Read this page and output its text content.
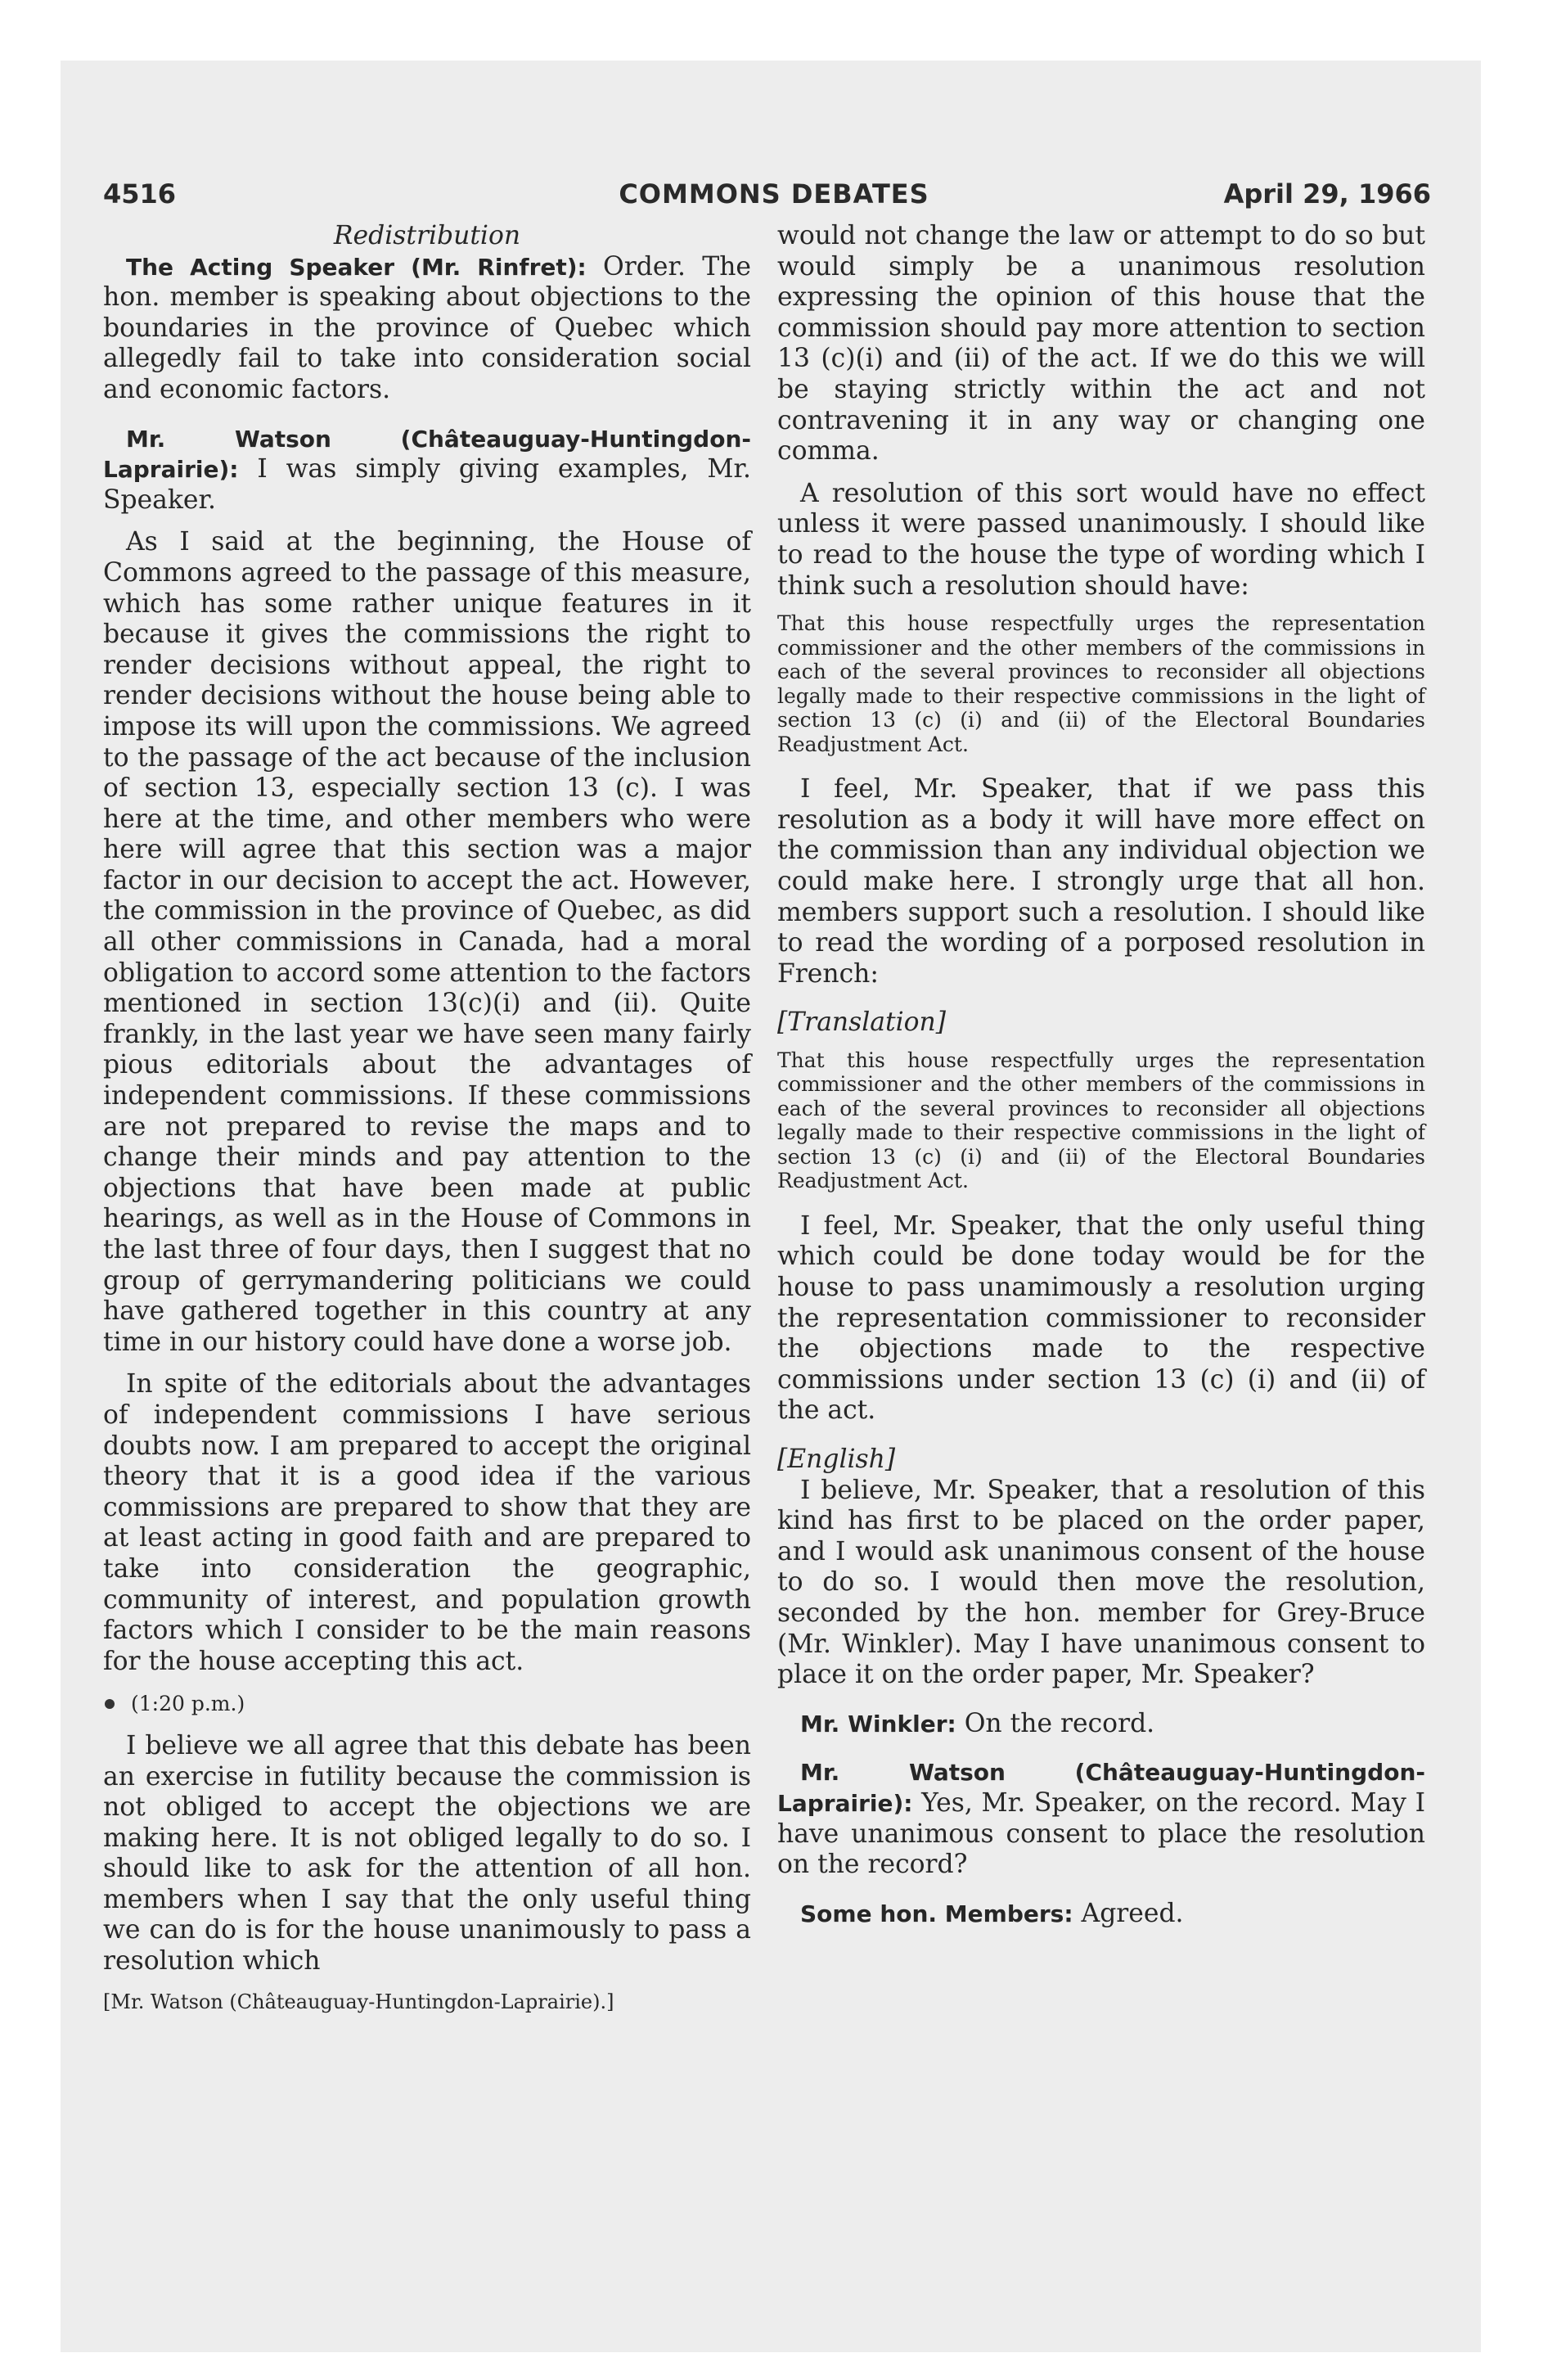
4516	COMMONS DEBATES	April 29, 1966

Redistribution

The Acting Speaker (Mr. Rinfret): Order. The hon. member is speaking about objections to the boundaries in the province of Quebec which allegedly fail to take into consideration social and economic factors.

Mr. Watson (Châteauguay-Huntingdon-Laprairie): I was simply giving examples, Mr. Speaker.

As I said at the beginning, the House of Commons agreed to the passage of this measure, which has some rather unique features in it because it gives the commissions the right to render decisions without appeal, the right to render decisions without the house being able to impose its will upon the commissions. We agreed to the passage of the act because of the inclusion of section 13, especially section 13 (c). I was here at the time, and other members who were here will agree that this section was a major factor in our decision to accept the act. However, the commission in the province of Quebec, as did all other commissions in Canada, had a moral obligation to accord some attention to the factors mentioned in section 13(c)(i) and (ii). Quite frankly, in the last year we have seen many fairly pious editorials about the advantages of independent commissions. If these commissions are not prepared to revise the maps and to change their minds and pay attention to the objections that have been made at public hearings, as well as in the House of Commons in the last three of four days, then I suggest that no group of gerrymandering politicians we could have gathered together in this country at any time in our history could have done a worse job.

In spite of the editorials about the advantages of independent commissions I have serious doubts now. I am prepared to accept the original theory that it is a good idea if the various commissions are prepared to show that they are at least acting in good faith and are prepared to take into consideration the geographic, community of interest, and population growth factors which I consider to be the main reasons for the house accepting this act.

(1:20 p.m.)

I believe we all agree that this debate has been an exercise in futility because the commission is not obliged to accept the objections we are making here. It is not obliged legally to do so. I should like to ask for the attention of all hon. members when I say that the only useful thing we can do is for the house unanimously to pass a resolution which

[Mr. Watson (Châteauguay-Huntingdon-Laprairie).]

would not change the law or attempt to do so but would simply be a unanimous resolution expressing the opinion of this house that the commission should pay more attention to section 13 (c)(i) and (ii) of the act. If we do this we will be staying strictly within the act and not contravening it in any way or changing one comma.

A resolution of this sort would have no effect unless it were passed unanimously. I should like to read to the house the type of wording which I think such a resolution should have:

That this house respectfully urges the representation commissioner and the other members of the commissions in each of the several provinces to reconsider all objections legally made to their respective commissions in the light of section 13 (c) (i) and (ii) of the Electoral Boundaries Readjustment Act.

I feel, Mr. Speaker, that if we pass this resolution as a body it will have more effect on the commission than any individual objection we could make here. I strongly urge that all hon. members support such a resolution. I should like to read the wording of a porposed resolution in French:

[Translation]

That this house respectfully urges the representation commissioner and the other members of the commissions in each of the several provinces to reconsider all objections legally made to their respective commissions in the light of section 13 (c) (i) and (ii) of the Electoral Boundaries Readjustment Act.

I feel, Mr. Speaker, that the only useful thing which could be done today would be for the house to pass unamimously a resolution urging the representation commissioner to reconsider the objections made to the respective commissions under section 13 (c) (i) and (ii) of the act.

[English]

I believe, Mr. Speaker, that a resolution of this kind has first to be placed on the order paper, and I would ask unanimous consent of the house to do so. I would then move the resolution, seconded by the hon. member for Grey-Bruce (Mr. Winkler). May I have unanimous consent to place it on the order paper, Mr. Speaker?

Mr. Winkler: On the record.

Mr. Watson (Châteauguay-Huntingdon-Laprairie): Yes, Mr. Speaker, on the record. May I have unanimous consent to place the resolution on the record?

Some hon. Members: Agreed.
